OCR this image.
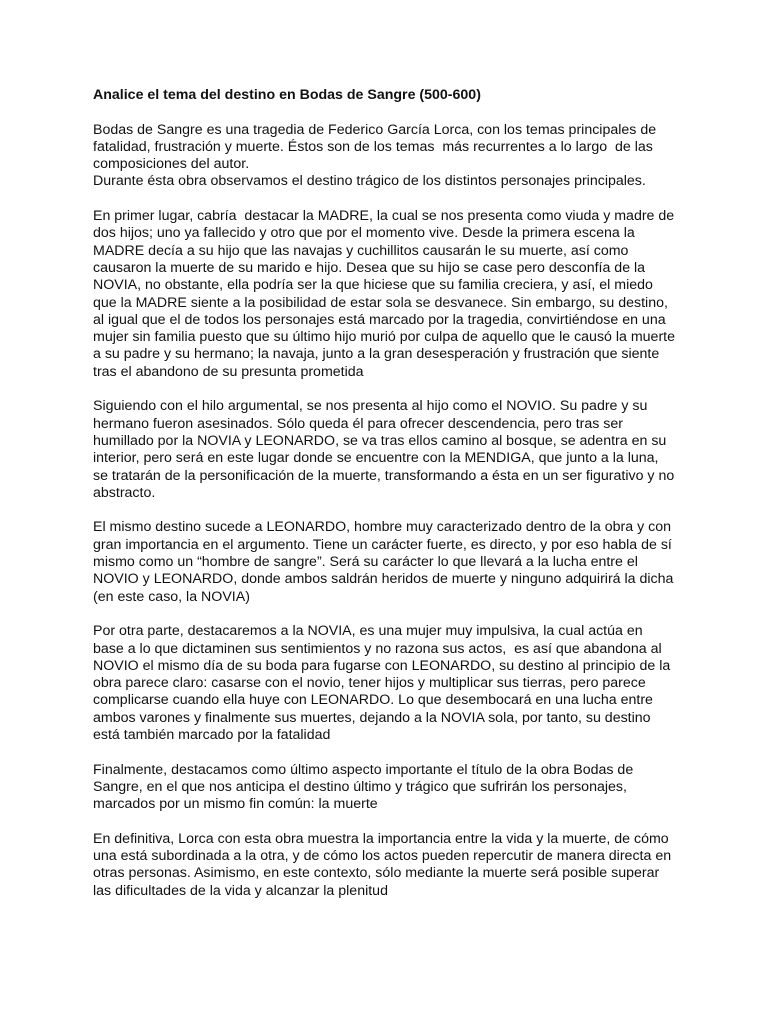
Analice el tema del destino en Bodas de Sangre (500-600)
Bodas de Sangre es una tragedia de Federico García Lorca, con los temas principales de
fatalidad, frustración y muerte. Éstos son de los temas  más recurrentes a lo largo  de las
composiciones del autor.
Durante ésta obra observamos el destino trágico de los distintos personajes principales.
En primer lugar, cabría  destacar la MADRE, la cual se nos presenta como viuda y madre de
dos hijos; uno ya fallecido y otro que por el momento vive. Desde la primera escena la
MADRE decía a su hijo que las navajas y cuchillitos causarán le su muerte, así como
causaron la muerte de su marido e hijo. Desea que su hijo se case pero desconfía de la
NOVIA, no obstante, ella podría ser la que hiciese que su familia creciera, y así, el miedo
que la MADRE siente a la posibilidad de estar sola se desvanece. Sin embargo, su destino,
al igual que el de todos los personajes está marcado por la tragedia, convirtiéndose en una
mujer sin familia puesto que su último hijo murió por culpa de aquello que le causó la muerte
a su padre y su hermano; la navaja, junto a la gran desesperación y frustración que siente
tras el abandono de su presunta prometida
Siguiendo con el hilo argumental, se nos presenta al hijo como el NOVIO. Su padre y su
hermano fueron asesinados. Sólo queda él para ofrecer descendencia, pero tras ser
humillado por la NOVIA y LEONARDO, se va tras ellos camino al bosque, se adentra en su
interior, pero será en este lugar donde se encuentre con la MENDIGA, que junto a la luna,
se tratarán de la personificación de la muerte, transformando a ésta en un ser figurativo y no
abstracto.
El mismo destino sucede a LEONARDO, hombre muy caracterizado dentro de la obra y con
gran importancia en el argumento. Tiene un carácter fuerte, es directo, y por eso habla de sí
mismo como un “hombre de sangre”. Será su carácter lo que llevará a la lucha entre el
NOVIO y LEONARDO, donde ambos saldrán heridos de muerte y ninguno adquirirá la dicha
(en este caso, la NOVIA)
Por otra parte, destacaremos a la NOVIA, es una mujer muy impulsiva, la cual actúa en
base a lo que dictaminen sus sentimientos y no razona sus actos,  es así que abandona al
NOVIO el mismo día de su boda para fugarse con LEONARDO, su destino al principio de la
obra parece claro: casarse con el novio, tener hijos y multiplicar sus tierras, pero parece
complicarse cuando ella huye con LEONARDO. Lo que desembocará en una lucha entre
ambos varones y finalmente sus muertes, dejando a la NOVIA sola, por tanto, su destino
está también marcado por la fatalidad
Finalmente, destacamos como último aspecto importante el título de la obra Bodas de
Sangre, en el que nos anticipa el destino último y trágico que sufrirán los personajes,
marcados por un mismo fin común: la muerte
En definitiva, Lorca con esta obra muestra la importancia entre la vida y la muerte, de cómo
una está subordinada a la otra, y de cómo los actos pueden repercutir de manera directa en
otras personas. Asimismo, en este contexto, sólo mediante la muerte será posible superar
las dificultades de la vida y alcanzar la plenitud
